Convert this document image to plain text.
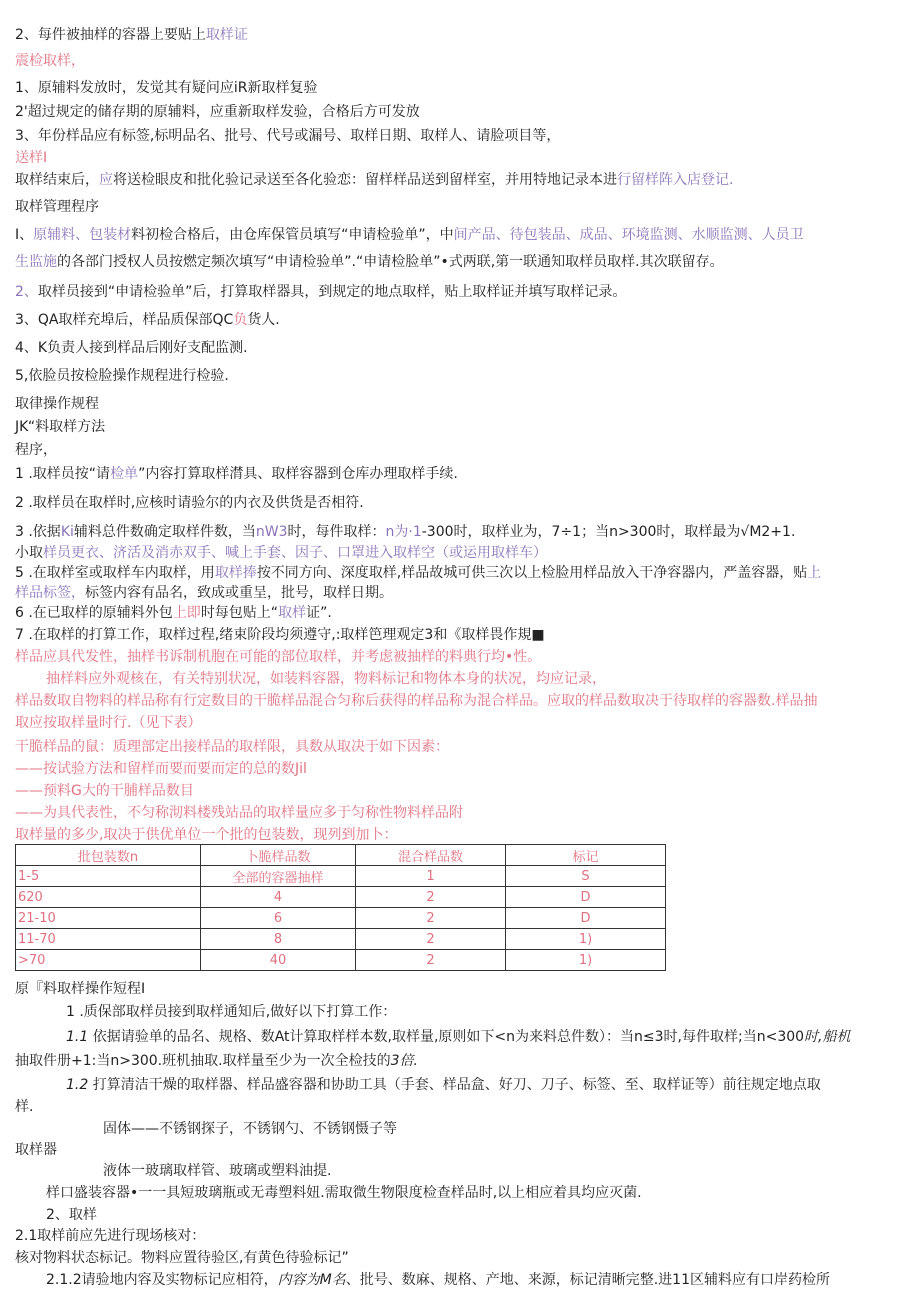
2、每件被抽样的容器上要贴上取样证
震检取样，
1、原辅料发放时，发觉其有疑问应iR新取样复验
2'超过规定的储存期的原辅料，应重新取样发验，合格后方可发放
3、年份样品应有标签,标明品名、批号、代号或漏号、取样日期、取样人、请脸项目等，
送样I
取样结束后，应将送检眼皮和批化验记录送至各化验恋：留样样品送到留样室，并用特地记录本进行留样阵入店登记.
取样管理程序
I、原辅料、包装材料初检合格后，由仓库保管员填写“申请检验单”，中间产品、待包装品、成品、环境监测、水顺监测、人员卫
生监施的各部门授权人员按燃定频次填写“申请检验单”.“申请检脸单”•式两联,第一联通知取样员取样.其次联留存。
2、取样员接到“申请检验单”后，打算取样器具，到规定的地点取样，贴上取样证并填写取样记录。
3、QA取样充埠后，样品质保部QC负货人.
4、K负责人接到样品后刚好支配监测.
5,依脸员按检脸操作规程进行检验.
取律操作规程
JK“料取样方法
程序，
1 .取样员按“请检单”内容打算取样潸具、取样容器到仓库办理取样手续.
2 .取样员在取样时,应核时请验尔的内衣及供货是否相符.
3 .依据Ki辅料总件数确定取样件数，当nW3时，每件取样：n为·1-300时，取样业为，7÷1；当n>300时，取样最为√M2+1.
小取样员更衣、济活及消赤双手、喊上手套、因子、口罩进入取样空（或运用取样车）
5 .在取样室或取样车内取样，用取样捧按不同方向、深度取样,样品故城可供三次以上检脸用样品放入干净容器内，严盖容器，贴上
样品标签，标签内容有品名，致成或重呈，批号，取样日期。
6 .在已取样的原辅料外包上即时每包贴上“取样证”.
7 .在取样的打算工作，取样过程,绪束阶段均须遵守,:取样笆理观定3和《取样畏作規■
样品应具代发性，抽样书诉制机胞在可能的部位取样，并考虑被抽样的料典行均•性。
抽样料应外观核在，有关特别状况，如装料容器，物料标记和物体本身的状况，均应记录，
样品数取自物料的样品称有行定数目的干脆样品混合匀称后获得的样品称为混合样品。应取的样品数取决于待取样的容器数.样品抽
取应按取样量时行.（见下表）
干脆样品的鼠：质理部定出接样品的取样限，具数从取决于如下因素：
——按试验方法和留样而要而要而定的总的数Jil
——预料G大的干脯样品数目
——为具代表性，不匀称沏料楼残站品的取样量应多于匀称性物料样品附
取样量的多少,取决于供优单位一个批的包装数，现列到加卜：
批包装数n	卜脆样品数	混合样品数	标记
1-5	全部的容器抽样	1	S
620	4	2	D
21-10	6	2	D
11-70	8	2	1)
>70	40	2	1)
原『料取样操作短程I
1 .质保部取样员接到取样通知后,做好以下打算工作：
1.1 依据请验单的品名、规格、数At计算取样样本数,取样量,原则如下<n为来料总件数）：当n≤3时,每件取样;当n<300时,船机
抽取件册+1:当n>300.班机抽取.取样量至少为一次全检技的3倍.
1.2 打算清洁干燥的取样器、样品盛容器和协助工具（手套、样品盒、好刀、刀子、标签、至、取样证等）前往规定地点取
样.
固体——不锈钢探子，不锈钢勺、不锈钢慑子等
取样器
液体一玻璃取样管、玻璃或塑料油提.
样口盛装容器•一一具短玻璃瓶或无毒塑料妞.需取微生物限度检查样品时,以上相应着具均应灭菌.
2、取样
2.1取样前应先进行现场核对：
核对物料状态标记。物料应置待验区,有黄色待验标记”
2.1.2请验地内容及实物标记应相符，内容为M名、批号、数麻、规格、产地、来源，标记清晰完整.进11区辅料应有口岸药检所
